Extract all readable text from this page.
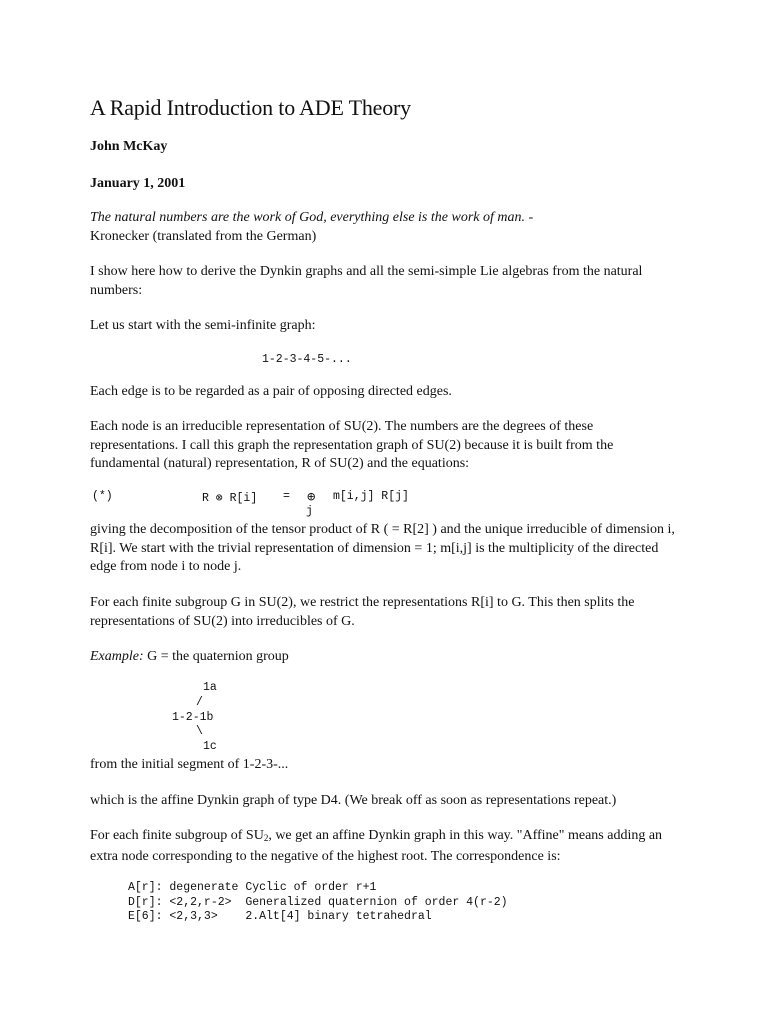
A Rapid Introduction to ADE Theory
John McKay
January 1, 2001
The natural numbers are the work of God, everything else is the work of man. -
Kronecker (translated from the German)

I show here how to derive the Dynkin graphs and all the semi-simple Lie algebras from the natural numbers:

Let us start with the semi-infinite graph:

1-2-3-4-5-...

Each edge is to be regarded as a pair of opposing directed edges.

Each node is an irreducible representation of SU(2). The numbers are the degrees of these representations. I call this graph the representation graph of SU(2) because it is built from the fundamental (natural) representation, R of SU(2) and the equations:

(*)	R ⊗ R[i] = ⊕ m[i,j] R[j]
j

giving the decomposition of the tensor product of R ( = R[2] ) and the unique irreducible of dimension i, R[i]. We start with the trivial representation of dimension = 1; m[i,j] is the multiplicity of the directed edge from node i to node j.

For each finite subgroup G in SU(2), we restrict the representations R[i] to G. This then splits the representations of SU(2) into irreducibles of G.

Example: G = the quaternion group
1a
/
1-2-1b
\
1c

from the initial segment of 1-2-3-...

which is the affine Dynkin graph of type D4. (We break off as soon as representations repeat.)

For each finite subgroup of $SU_2$, we get an affine Dynkin graph in this way. "Affine" means adding an extra node corresponding to the negative of the highest root. The correspondence is:
A[r]: degenerate Cyclic of order r+1
D[r]: <2,2,r-2>  Generalized quaternion of order 4(r-2)
E[6]: <2,3,3>    2.Alt[4] binary tetrahedral
